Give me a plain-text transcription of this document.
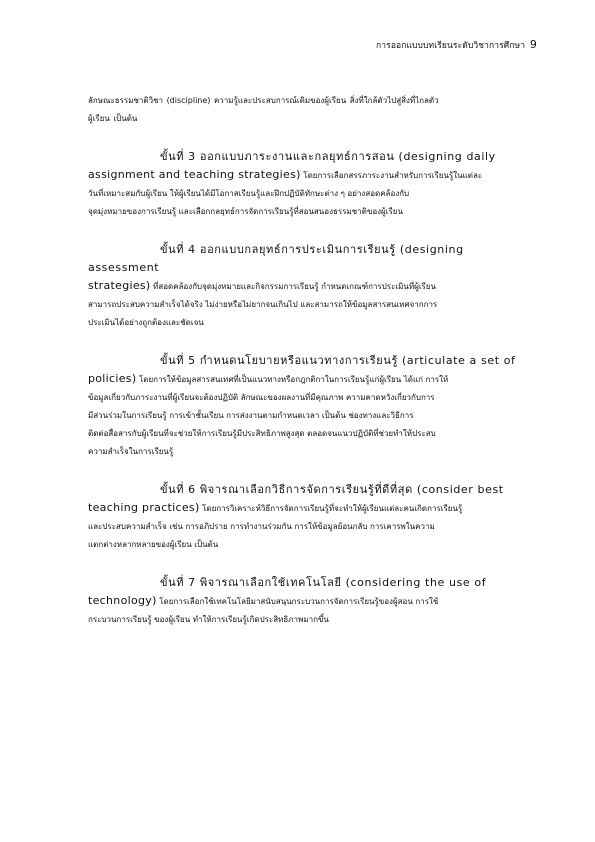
การออกแบบบทเรียนระดับวิชาการศึกษา 9

ลักษณะธรรมชาติวิชา (discipline) ความรู้และประสบการณ์เดิมของผู้เรียน สิ่งที่ใกล้ตัวไปสู่สิ่งที่ไกลตัว
ผู้เรียน เป็นต้น

ขั้นที่ 3 ออกแบบภาระงานและกลยุทธ์การสอน (designing daily

assignment and teaching strategies) โดยการเลือกสรรภาระงานสำหรับการเรียนรู้ในแต่ละ
วันที่เหมาะสมกับผู้เรียน ให้ผู้เรียนได้มีโอกาสเรียนรู้และฝึกปฏิบัติทักษะต่าง ๆ อย่างสอดคล้องกับ
จุดมุ่งหมายของการเรียนรู้ และเลือกกลยุทธ์การจัดการเรียนรู้ที่สอนสนองธรรมชาติของผู้เรียน

ขั้นที่ 4 ออกแบบกลยุทธ์การประเมินการเรียนรู้ (designing assessment

strategies) ที่สอดคล้องกับจุดมุ่งหมายและกิจกรรมการเรียนรู้ กำหนดเกณฑ์การประเมินที่ผู้เรียน
สามารถประสบความสำเร็จได้จริง ไม่ง่ายหรือไม่ยากจนเกินไป และสามารถให้ข้อมูลสารสนเทศจากการ
ประเมินได้อย่างถูกต้องและชัดเจน

ขั้นที่ 5 กำหนดนโยบายหรือแนวทางการเรียนรู้ (articulate a set of

policies) โดยการให้ข้อมูลสารสนเทศที่เป็นแนวทางหรือกฎกติกาในการเรียนรู้แก่ผู้เรียน ได้แก่ การให้
ข้อมูลเกี่ยวกับภาระงานที่ผู้เรียนจะต้องปฏิบัติ ลักษณะของผลงานที่มีคุณภาพ ความคาดหวังเกี่ยวกับการ
มีส่วนร่วมในการเรียนรู้ การเข้าชั้นเรียน การส่งงานตามกำหนดเวลา เป็นต้น ช่องทางและวิธีการ
ติดต่อสื่อสารกับผู้เรียนที่จะช่วยให้การเรียนรู้มีประสิทธิภาพสูงสุด ตลอดจนแนวปฏิบัติที่ช่วยทำให้ประสบ
ความสำเร็จในการเรียนรู้

ขั้นที่ 6 พิจารณาเลือกวิธีการจัดการเรียนรู้ที่ดีที่สุด (consider best

teaching practices) โดยการวิเคราะห์วิธีการจัดการเรียนรู้ที่จะทำให้ผู้เรียนแต่ละคนเกิดการเรียนรู้
และประสบความสำเร็จ เช่น การอภิปราย การทำงานร่วมกัน การให้ข้อมูลย้อนกลับ การเคารพในความ
แตกต่างหลากหลายของผู้เรียน เป็นต้น

ขั้นที่ 7 พิจารณาเลือกใช้เทคโนโลยี (considering the use of

technology) โดยการเลือกใช้เทคโนโลยีมาสนับสนุนกระบวนการจัดการเรียนรู้ของผู้สอน การใช้
กระบวนการเรียนรู้ ของผู้เรียน ทำให้การเรียนรู้เกิดประสิทธิภาพมากขึ้น
